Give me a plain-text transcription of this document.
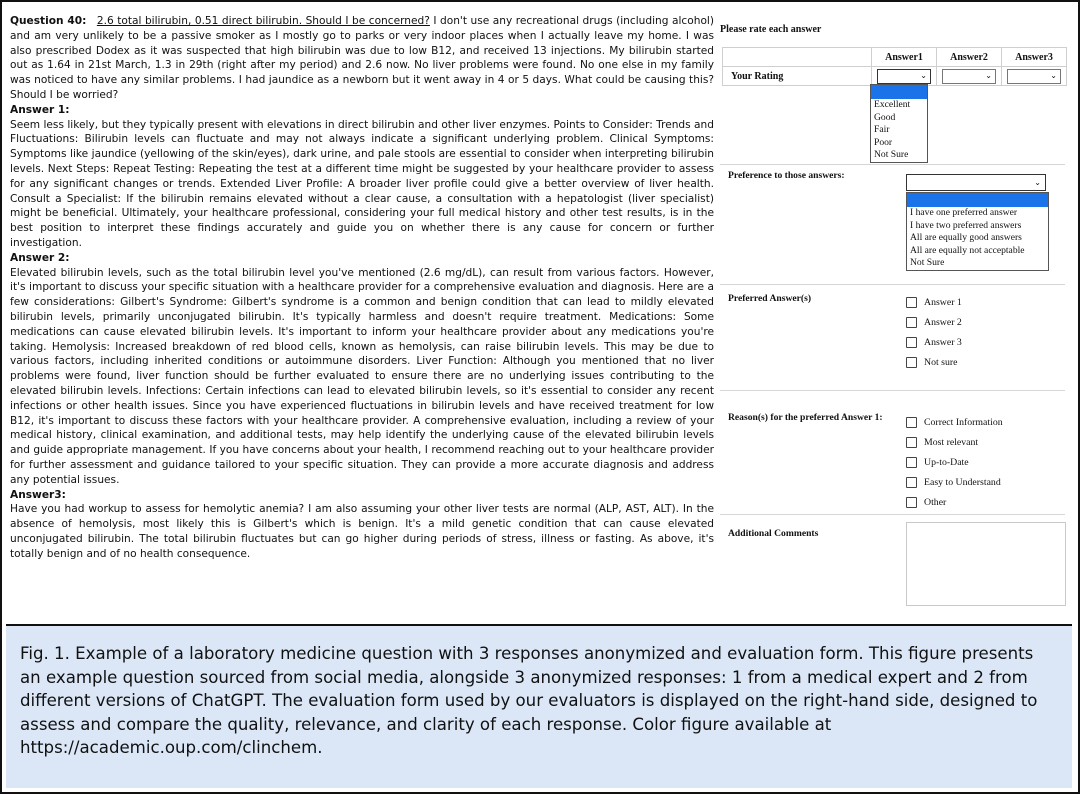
Question 40: 2.6 total bilirubin, 0.51 direct bilirubin. Should I be concerned? I don't use any recreational drugs (including alcohol) and am very unlikely to be a passive smoker as I mostly go to parks or very indoor places when I actually leave my home. I was also prescribed Dodex as it was suspected that high bilirubin was due to low B12, and received 13 injections. My bilirubin started out as 1.64 in 21st March, 1.3 in 29th (right after my period) and 2.6 now. No liver problems were found. No one else in my family was noticed to have any similar problems. I had jaundice as a newborn but it went away in 4 or 5 days. What could be causing this? Should I be worried?

Answer 1:

Seem less likely, but they typically present with elevations in direct bilirubin and other liver enzymes. Points to Consider: Trends and Fluctuations: Bilirubin levels can fluctuate and may not always indicate a significant underlying problem. Clinical Symptoms: Symptoms like jaundice (yellowing of the skin/eyes), dark urine, and pale stools are essential to consider when interpreting bilirubin levels. Next Steps: Repeat Testing: Repeating the test at a different time might be suggested by your healthcare provider to assess for any significant changes or trends. Extended Liver Profile: A broader liver profile could give a better overview of liver health. Consult a Specialist: If the bilirubin remains elevated without a clear cause, a consultation with a hepatologist (liver specialist) might be beneficial. Ultimately, your healthcare professional, considering your full medical history and other test results, is in the best position to interpret these findings accurately and guide you on whether there is any cause for concern or further investigation.

Answer 2:

Elevated bilirubin levels, such as the total bilirubin level you've mentioned (2.6 mg/dL), can result from various factors. However, it's important to discuss your specific situation with a healthcare provider for a comprehensive evaluation and diagnosis. Here are a few considerations: Gilbert's Syndrome: Gilbert's syndrome is a common and benign condition that can lead to mildly elevated bilirubin levels, primarily unconjugated bilirubin. It's typically harmless and doesn't require treatment. Medications: Some medications can cause elevated bilirubin levels. It's important to inform your healthcare provider about any medications you're taking. Hemolysis: Increased breakdown of red blood cells, known as hemolysis, can raise bilirubin levels. This may be due to various factors, including inherited conditions or autoimmune disorders. Liver Function: Although you mentioned that no liver problems were found, liver function should be further evaluated to ensure there are no underlying issues contributing to the elevated bilirubin levels. Infections: Certain infections can lead to elevated bilirubin levels, so it's essential to consider any recent infections or other health issues. Since you have experienced fluctuations in bilirubin levels and have received treatment for low B12, it's important to discuss these factors with your healthcare provider. A comprehensive evaluation, including a review of your medical history, clinical examination, and additional tests, may help identify the underlying cause of the elevated bilirubin levels and guide appropriate management. If you have concerns about your health, I recommend reaching out to your healthcare provider for further assessment and guidance tailored to your specific situation. They can provide a more accurate diagnosis and address any potential issues.

Answer3:

Have you had workup to assess for hemolytic anemia? I am also assuming your other liver tests are normal (ALP, AST, ALT). In the absence of hemolysis, most likely this is Gilbert's which is benign. It's a mild genetic condition that can cause elevated unconjugated bilirubin. The total bilirubin fluctuates but can go higher during periods of stress, illness or fasting. As above, it's totally benign and of no health consequence.

Please rate each answer
	Answer1	Answer2	Answer3
Your Rating	⌄	⌄	⌄
Excellent
Good
Fair
Poor
Not Sure
Preference to those answers:
⌄
I have one preferred answer
I have two preferred answers
All are equally good answers
All are equally not acceptable
Not Sure
Preferred Answer(s)	Answer 1
Answer 2
Answer 3
Not sure
Reason(s) for the preferred Answer 1:	Correct Information
Most relevant
Up-to-Date
Easy to Understand
Other
Additional Comments
Fig. 1. Example of a laboratory medicine question with 3 responses anonymized and evaluation form. This figure presents an example question sourced from social media, alongside 3 anonymized responses: 1 from a medical expert and 2 from different versions of ChatGPT. The evaluation form used by our evaluators is displayed on the right-hand side, designed to assess and compare the quality, relevance, and clarity of each response. Color figure available at https://academic.oup.com/clinchem.
